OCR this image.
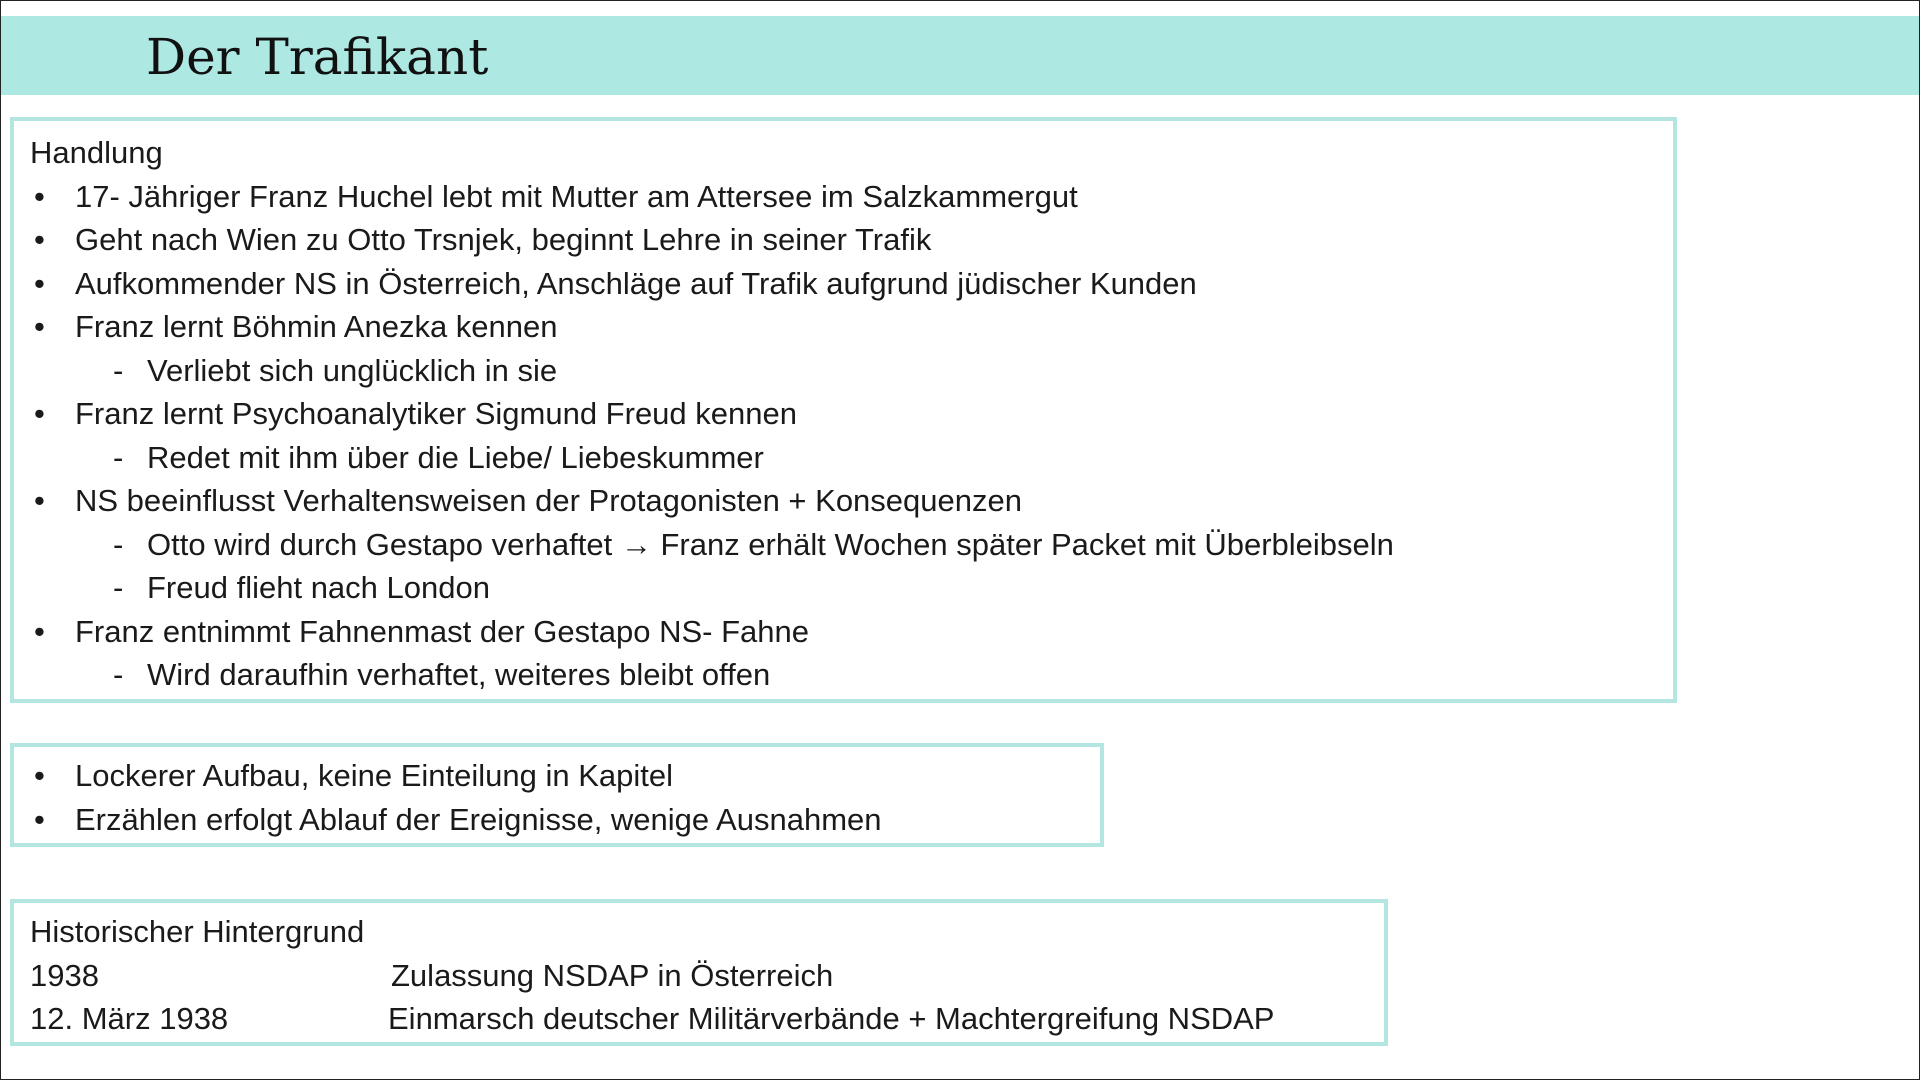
Der Trafikant
Handlung
• 17- Jähriger Franz Huchel lebt mit Mutter am Attersee im Salzkammergut
• Geht nach Wien zu Otto Trsnjek, beginnt Lehre in seiner Trafik
• Aufkommender NS in Österreich, Anschläge auf Trafik aufgrund jüdischer Kunden
• Franz lernt Böhmin Anezka kennen
- Verliebt sich unglücklich in sie
• Franz lernt Psychoanalytiker Sigmund Freud kennen
- Redet mit ihm über die Liebe/ Liebeskummer
• NS beeinflusst Verhaltensweisen der Protagonisten + Konsequenzen
- Otto wird durch Gestapo verhaftet → Franz erhält Wochen später Packet mit Überbleibseln
- Freud flieht nach London
• Franz entnimmt Fahnenmast der Gestapo NS- Fahne
- Wird daraufhin verhaftet, weiteres bleibt offen
• Lockerer Aufbau, keine Einteilung in Kapitel
• Erzählen erfolgt Ablauf der Ereignisse, wenige Ausnahmen
Historischer Hintergrund
1938	Zulassung NSDAP in Österreich
12. März 1938	Einmarsch deutscher Militärverbände + Machtergreifung NSDAP
